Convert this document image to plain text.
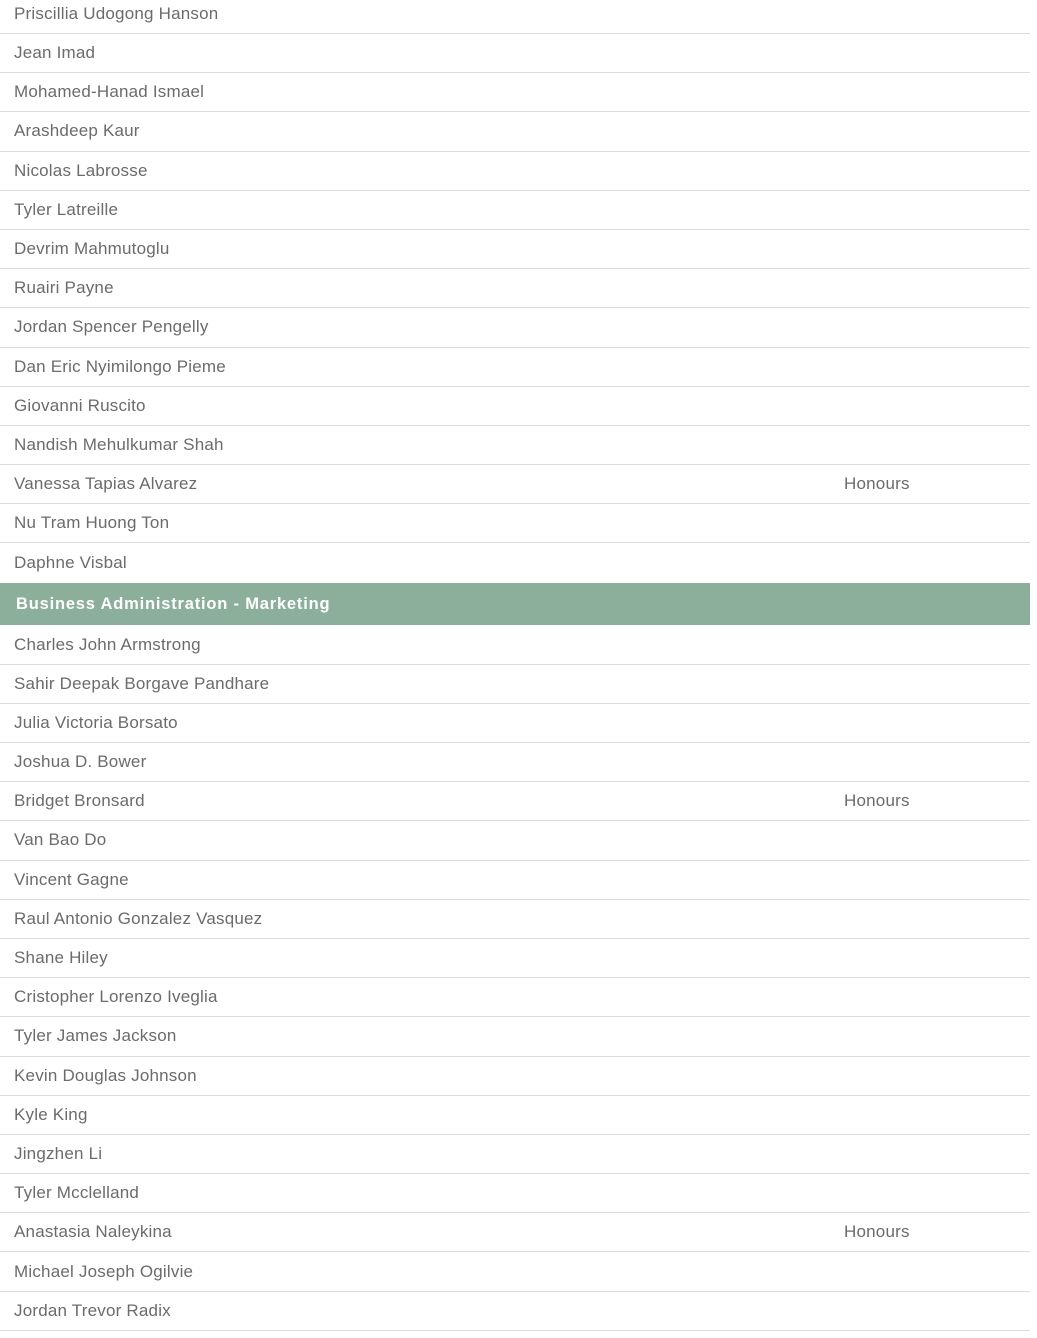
Priscillia Udogong Hanson
Jean Imad
Mohamed-Hanad Ismael
Arashdeep Kaur
Nicolas Labrosse
Tyler Latreille
Devrim Mahmutoglu
Ruairi Payne
Jordan Spencer Pengelly
Dan Eric Nyimilongo Pieme
Giovanni Ruscito
Nandish Mehulkumar Shah
Vanessa Tapias Alvarez	Honours
Nu Tram Huong Ton
Daphne Visbal
Business Administration - Marketing
Charles John Armstrong
Sahir Deepak Borgave Pandhare
Julia Victoria Borsato
Joshua D. Bower
Bridget Bronsard	Honours
Van Bao Do
Vincent Gagne
Raul Antonio Gonzalez Vasquez
Shane Hiley
Cristopher Lorenzo Iveglia
Tyler James Jackson
Kevin Douglas Johnson
Kyle King
Jingzhen Li
Tyler Mcclelland
Anastasia Naleykina	Honours
Michael Joseph Ogilvie
Jordan Trevor Radix
